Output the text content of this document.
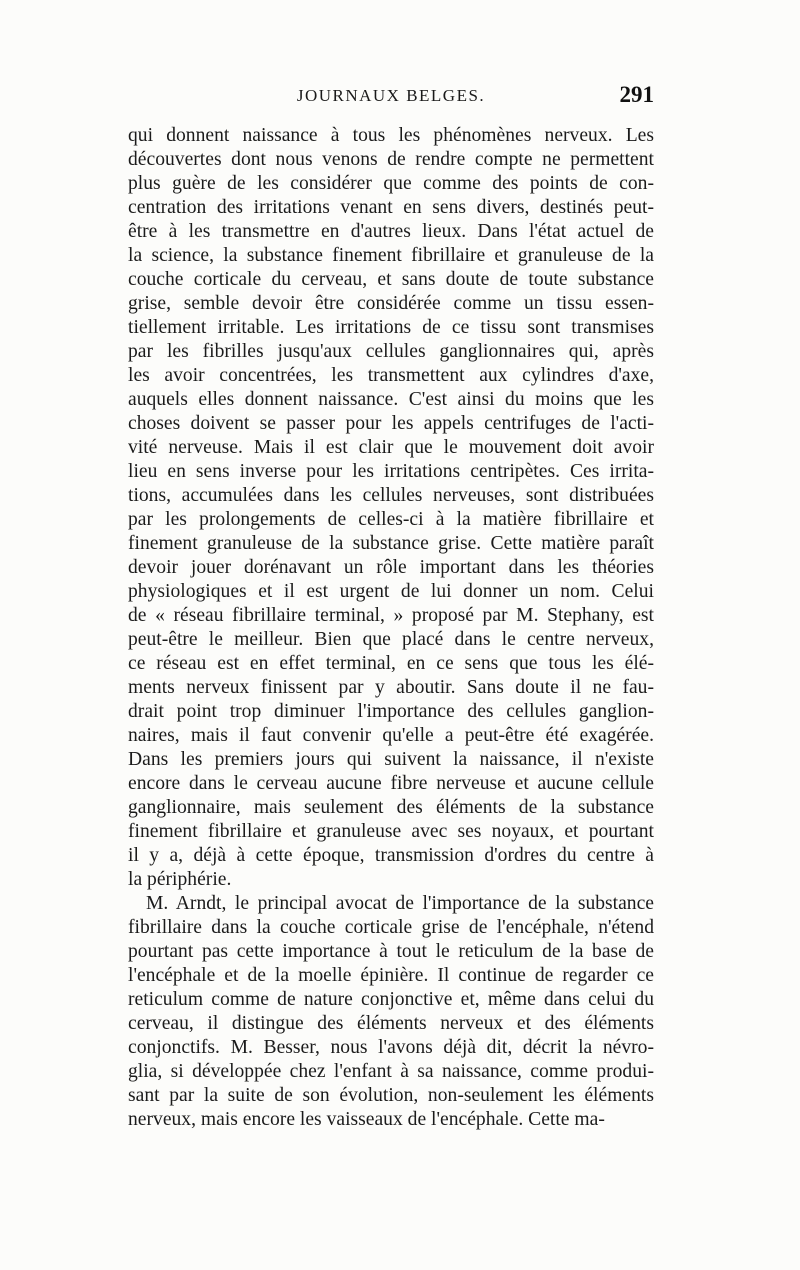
JOURNAUX BELGES.	291
qui donnent naissance à tous les phénomènes nerveux. Les
découvertes dont nous venons de rendre compte ne permettent
plus guère de les considérer que comme des points de con-
centration des irritations venant en sens divers, destinés peut-
être à les transmettre en d'autres lieux. Dans l'état actuel de
la science, la substance finement fibrillaire et granuleuse de la
couche corticale du cerveau, et sans doute de toute substance
grise, semble devoir être considérée comme un tissu essen-
tiellement irritable. Les irritations de ce tissu sont transmises
par les fibrilles jusqu'aux cellules ganglionnaires qui, après
les avoir concentrées, les transmettent aux cylindres d'axe,
auquels elles donnent naissance. C'est ainsi du moins que les
choses doivent se passer pour les appels centrifuges de l'acti-
vité nerveuse. Mais il est clair que le mouvement doit avoir
lieu en sens inverse pour les irritations centripètes. Ces irrita-
tions, accumulées dans les cellules nerveuses, sont distribuées
par les prolongements de celles-ci à la matière fibrillaire et
finement granuleuse de la substance grise. Cette matière paraît
devoir jouer dorénavant un rôle important dans les théories
physiologiques et il est urgent de lui donner un nom. Celui
de « réseau fibrillaire terminal, » proposé par M. Stephany, est
peut-être le meilleur. Bien que placé dans le centre nerveux,
ce réseau est en effet terminal, en ce sens que tous les élé-
ments nerveux finissent par y aboutir. Sans doute il ne fau-
drait point trop diminuer l'importance des cellules ganglion-
naires, mais il faut convenir qu'elle a peut-être été exagérée.
Dans les premiers jours qui suivent la naissance, il n'existe
encore dans le cerveau aucune fibre nerveuse et aucune cellule
ganglionnaire, mais seulement des éléments de la substance
finement fibrillaire et granuleuse avec ses noyaux, et pourtant
il y a, déjà à cette époque, transmission d'ordres du centre à
la périphérie.
M. Arndt, le principal avocat de l'importance de la substance
fibrillaire dans la couche corticale grise de l'encéphale, n'étend
pourtant pas cette importance à tout le reticulum de la base de
l'encéphale et de la moelle épinière. Il continue de regarder ce
reticulum comme de nature conjonctive et, même dans celui du
cerveau, il distingue des éléments nerveux et des éléments
conjonctifs. M. Besser, nous l'avons déjà dit, décrit la névro-
glia, si développée chez l'enfant à sa naissance, comme produi-
sant par la suite de son évolution, non-seulement les éléments
nerveux, mais encore les vaisseaux de l'encéphale. Cette ma-
